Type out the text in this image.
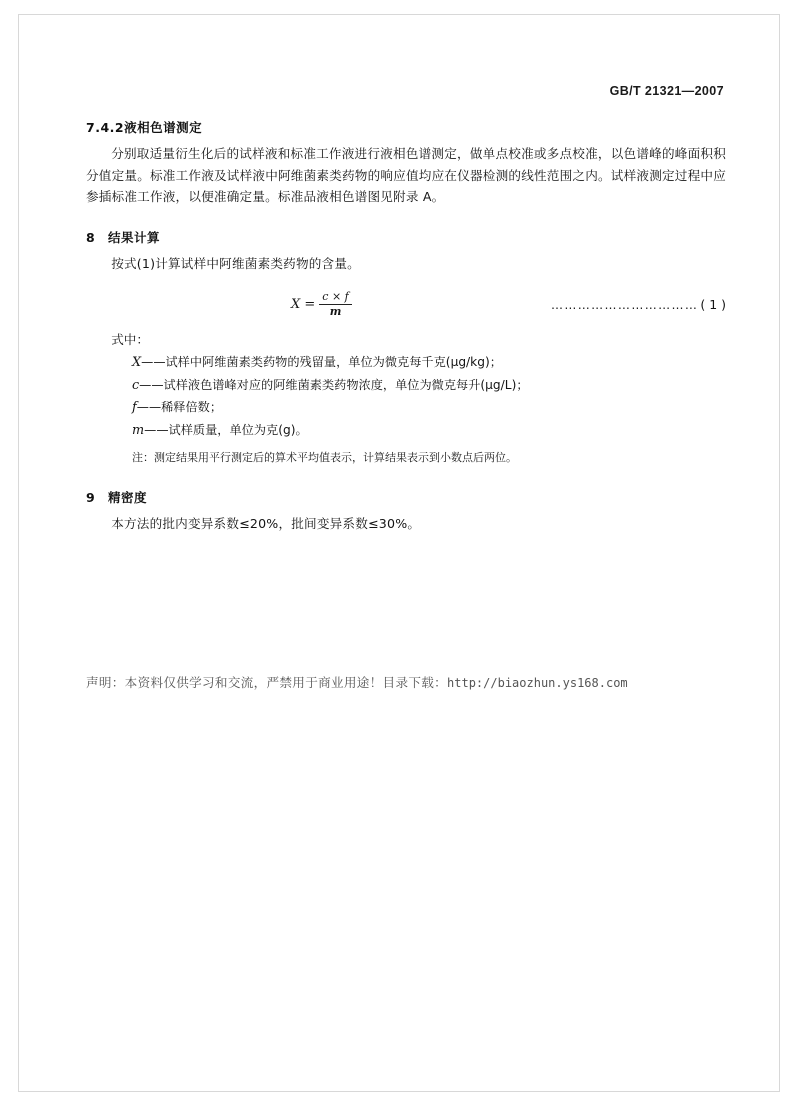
GB/T 21321—2007
7.4.2液相色谱测定
分别取适量衍生化后的试样液和标准工作液进行液相色谱测定，做单点校准或多点校准，以色谱峰的峰面积积分值定量。标准工作液及试样液中阿维菌素类药物的响应值均应在仪器检测的线性范围之内。试样液测定过程中应参插标准工作液，以便准确定量。标准品液相色谱图见附录 A。
8 结果计算
按式(1)计算试样中阿维菌素类药物的含量。
$X = \frac{c \times f}{m}$	…………………………… ( 1 )
式中：
X——试样中阿维菌素类药物的残留量，单位为微克每千克(μg/kg)；
c——试样液色谱峰对应的阿维菌素类药物浓度，单位为微克每升(μg/L)；
f——稀释倍数；
m——试样质量，单位为克(g)。
注：测定结果用平行测定后的算术平均值表示，计算结果表示到小数点后两位。
9 精密度
本方法的批内变异系数≤20%，批间变异系数≤30%。
声明：本资料仅供学习和交流，严禁用于商业用途！目录下载：http://biaozhun.ys168.com
